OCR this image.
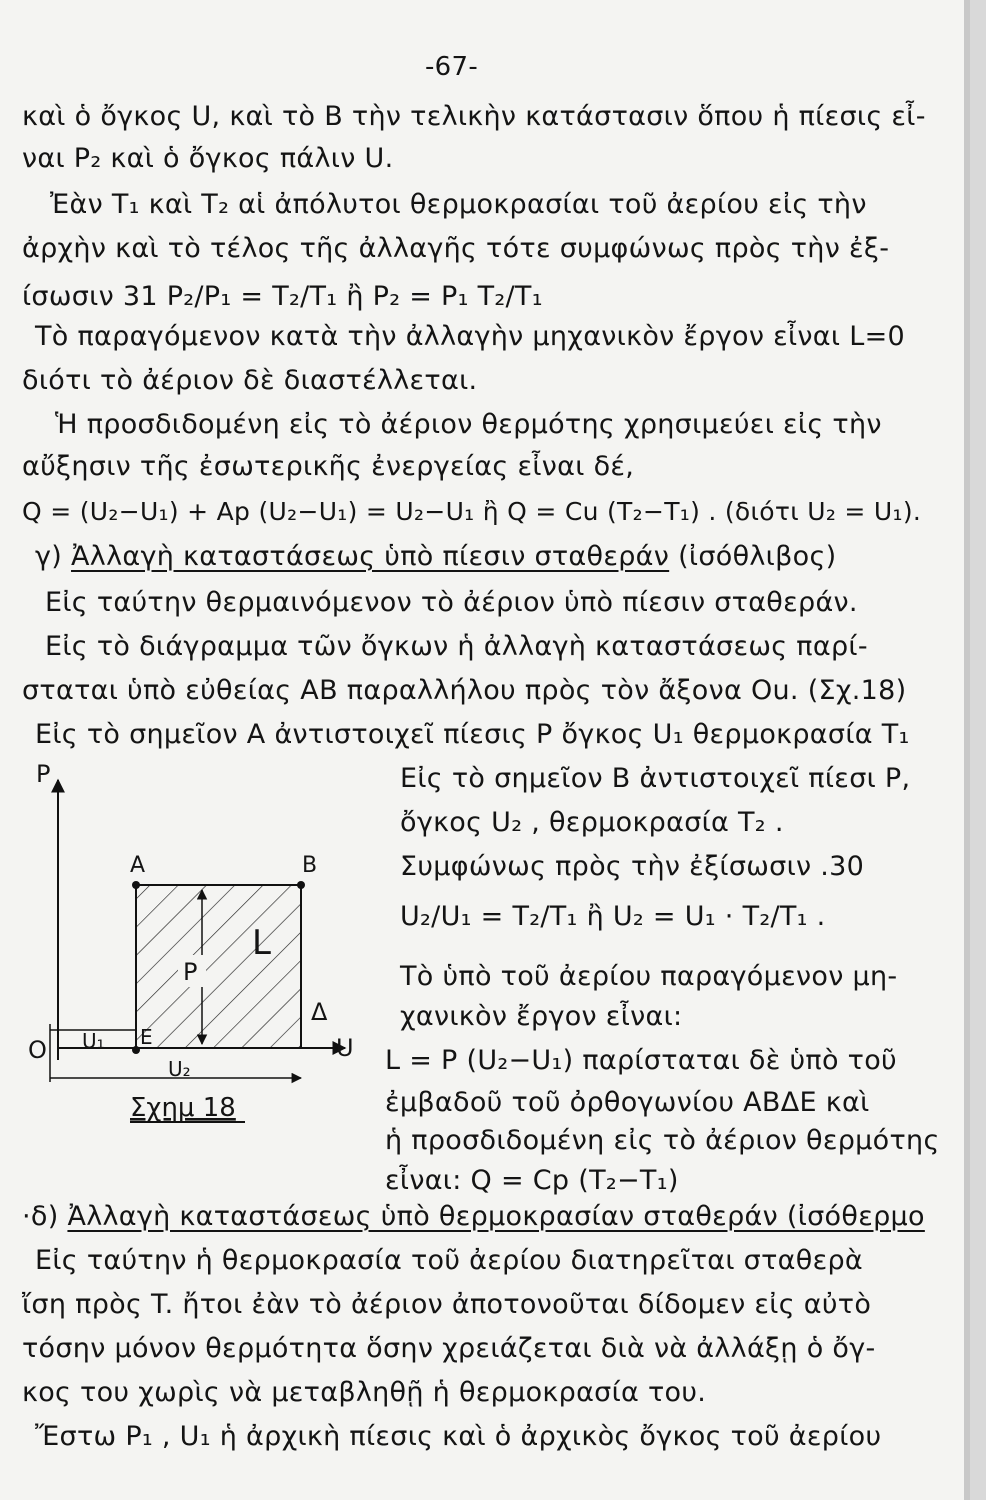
-67-
καὶ ὁ ὄγκος U, καὶ τὸ B τὴν τελικὴν κατάστασιν ὅπου ἡ πίεσις εἶ-
ναι P₂ καὶ ὁ ὄγκος πάλιν U.
Ἐὰν T₁ καὶ T₂ αἱ ἀπόλυτοι θερμοκρασίαι τοῦ ἀερίου εἰς τὴν
ἀρχὴν καὶ τὸ τέλος τῆς ἀλλαγῆς τότε συμφώνως πρὸς τὴν ἐξ-
ίσωσιν 31 P₂/P₁ = T₂/T₁ ἢ P₂ = P₁ T₂/T₁
Τὸ παραγόμενον κατὰ τὴν ἀλλαγὴν μηχανικὸν ἔργον εἶναι L=0
διότι τὸ ἀέριον δὲ διαστέλλεται.
Ἡ προσδιδομένη εἰς τὸ ἀέριον θερμότης χρησιμεύει εἰς τὴν
αὔξησιν τῆς ἐσωτερικῆς ἐνεργείας εἶναι δέ,
Q = (U₂−U₁) + Ap (U₂−U₁) = U₂−U₁ ἢ Q = Cu (T₂−T₁) . (διότι U₂ = U₁).
γ) Ἀλλαγὴ καταστάσεως ὑπὸ πίεσιν σταθεράν (ἰσόθλιβος)
Εἰς ταύτην θερμαινόμενον τὸ ἀέριον ὑπὸ πίεσιν σταθεράν.
Εἰς τὸ διάγραμμα τῶν ὄγκων ἡ ἀλλαγὴ καταστάσεως παρί-
σταται ὑπὸ εὐθείας AB παραλλήλου πρὸς τὸν ἄξονα Ou. (Σχ.18)
Εἰς τὸ σημεῖον A ἀντιστοιχεῖ πίεσις P ὄγκος U₁ θερμοκρασία T₁
Εἰς τὸ σημεῖον B ἀντιστοιχεῖ πίεσι P,
ὄγκος U₂ , θερμοκρασία T₂ .
Συμφώνως πρὸς τὴν ἐξίσωσιν .30
U₂/U₁ = T₂/T₁ ἢ U₂ = U₁ · T₂/T₁ .
Τὸ ὑπὸ τοῦ ἀερίου παραγόμενον μη-
χανικὸν ἔργον εἶναι:
L = P (U₂−U₁) παρίσταται δὲ ὑπὸ τοῦ
ἐμβαδοῦ τοῦ ὀρθογωνίου ΑΒΔΕ καὶ
ἡ προσδιδομένη εἰς τὸ ἀέριον θερμότης
εἶναι: Q = Cp (T₂−T₁)
·δ) Ἀλλαγὴ καταστάσεως ὑπὸ θερμοκρασίαν σταθεράν (ἰσόθερμο
Εἰς ταύτην ἡ θερμοκρασία τοῦ ἀερίου διατηρεῖται σταθερὰ
ἴση πρὸς T. ἤτοι ἐὰν τὸ ἀέριον ἀποτονοῦται δίδομεν εἰς αὐτὸ
τόσην μόνον θερμότητα ὅσην χρειάζεται διὰ νὰ ἀλλάξῃ ὁ ὄγ-
κος του χωρὶς νὰ μεταβληθῇ ἡ θερμοκρασία του.
Ἔστω P₁ , U₁ ἡ ἀρχικὴ πίεσις καὶ ὁ ἀρχικὸς ὄγκος τοῦ ἀερίου
P
U
O
A	B
Δ
E
U₁
U₂
P
L
Σχημ 18
